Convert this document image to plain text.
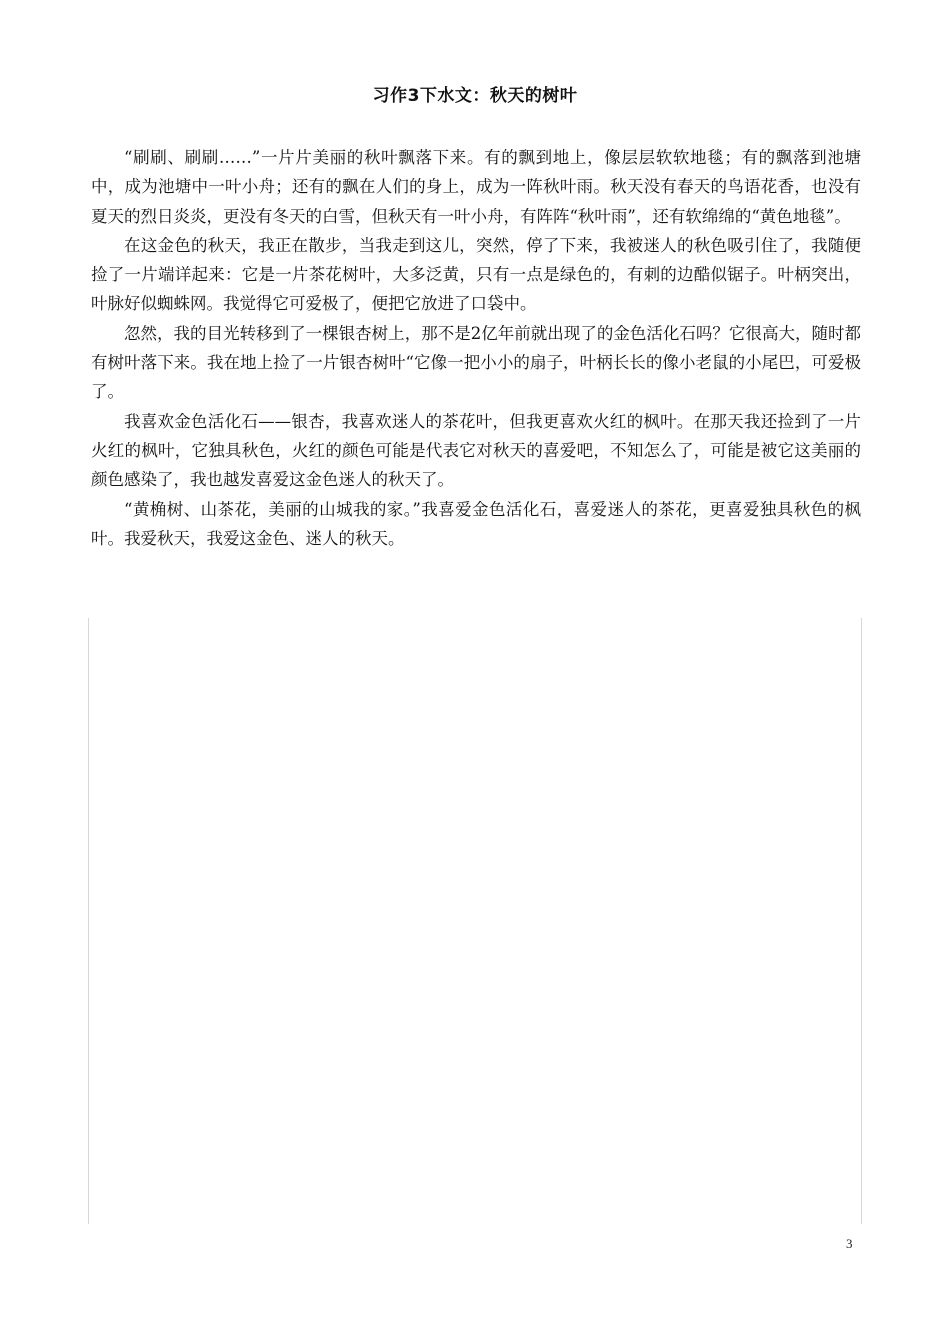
习作3下水文：秋天的树叶

“刷刷、刷刷……”一片片美丽的秋叶飘落下来。有的飘到地上，像层层软软地毯；有的飘落到池塘中，成为池塘中一叶小舟；还有的飘在人们的身上，成为一阵秋叶雨。秋天没有春天的鸟语花香，也没有夏天的烈日炎炎，更没有冬天的白雪，但秋天有一叶小舟，有阵阵“秋叶雨”，还有软绵绵的“黄色地毯”。

在这金色的秋天，我正在散步，当我走到这儿，突然，停了下来，我被迷人的秋色吸引住了，我随便捡了一片端详起来：它是一片茶花树叶，大多泛黄，只有一点是绿色的，有刺的边酷似锯子。叶柄突出，叶脉好似蜘蛛网。我觉得它可爱极了，便把它放进了口袋中。

忽然，我的目光转移到了一棵银杏树上，那不是2亿年前就出现了的金色活化石吗？它很高大，随时都有树叶落下来。我在地上捡了一片银杏树叶“它像一把小小的扇子，叶柄长长的像小老鼠的小尾巴，可爱极了。

我喜欢金色活化石——银杏，我喜欢迷人的茶花叶，但我更喜欢火红的枫叶。在那天我还捡到了一片火红的枫叶，它独具秋色，火红的颜色可能是代表它对秋天的喜爱吧，不知怎么了，可能是被它这美丽的颜色感染了，我也越发喜爱这金色迷人的秋天了。

“黄桷树、山茶花，美丽的山城我的家。”我喜爱金色活化石，喜爱迷人的茶花，更喜爱独具秋色的枫叶。我爱秋天，我爱这金色、迷人的秋天。

3
